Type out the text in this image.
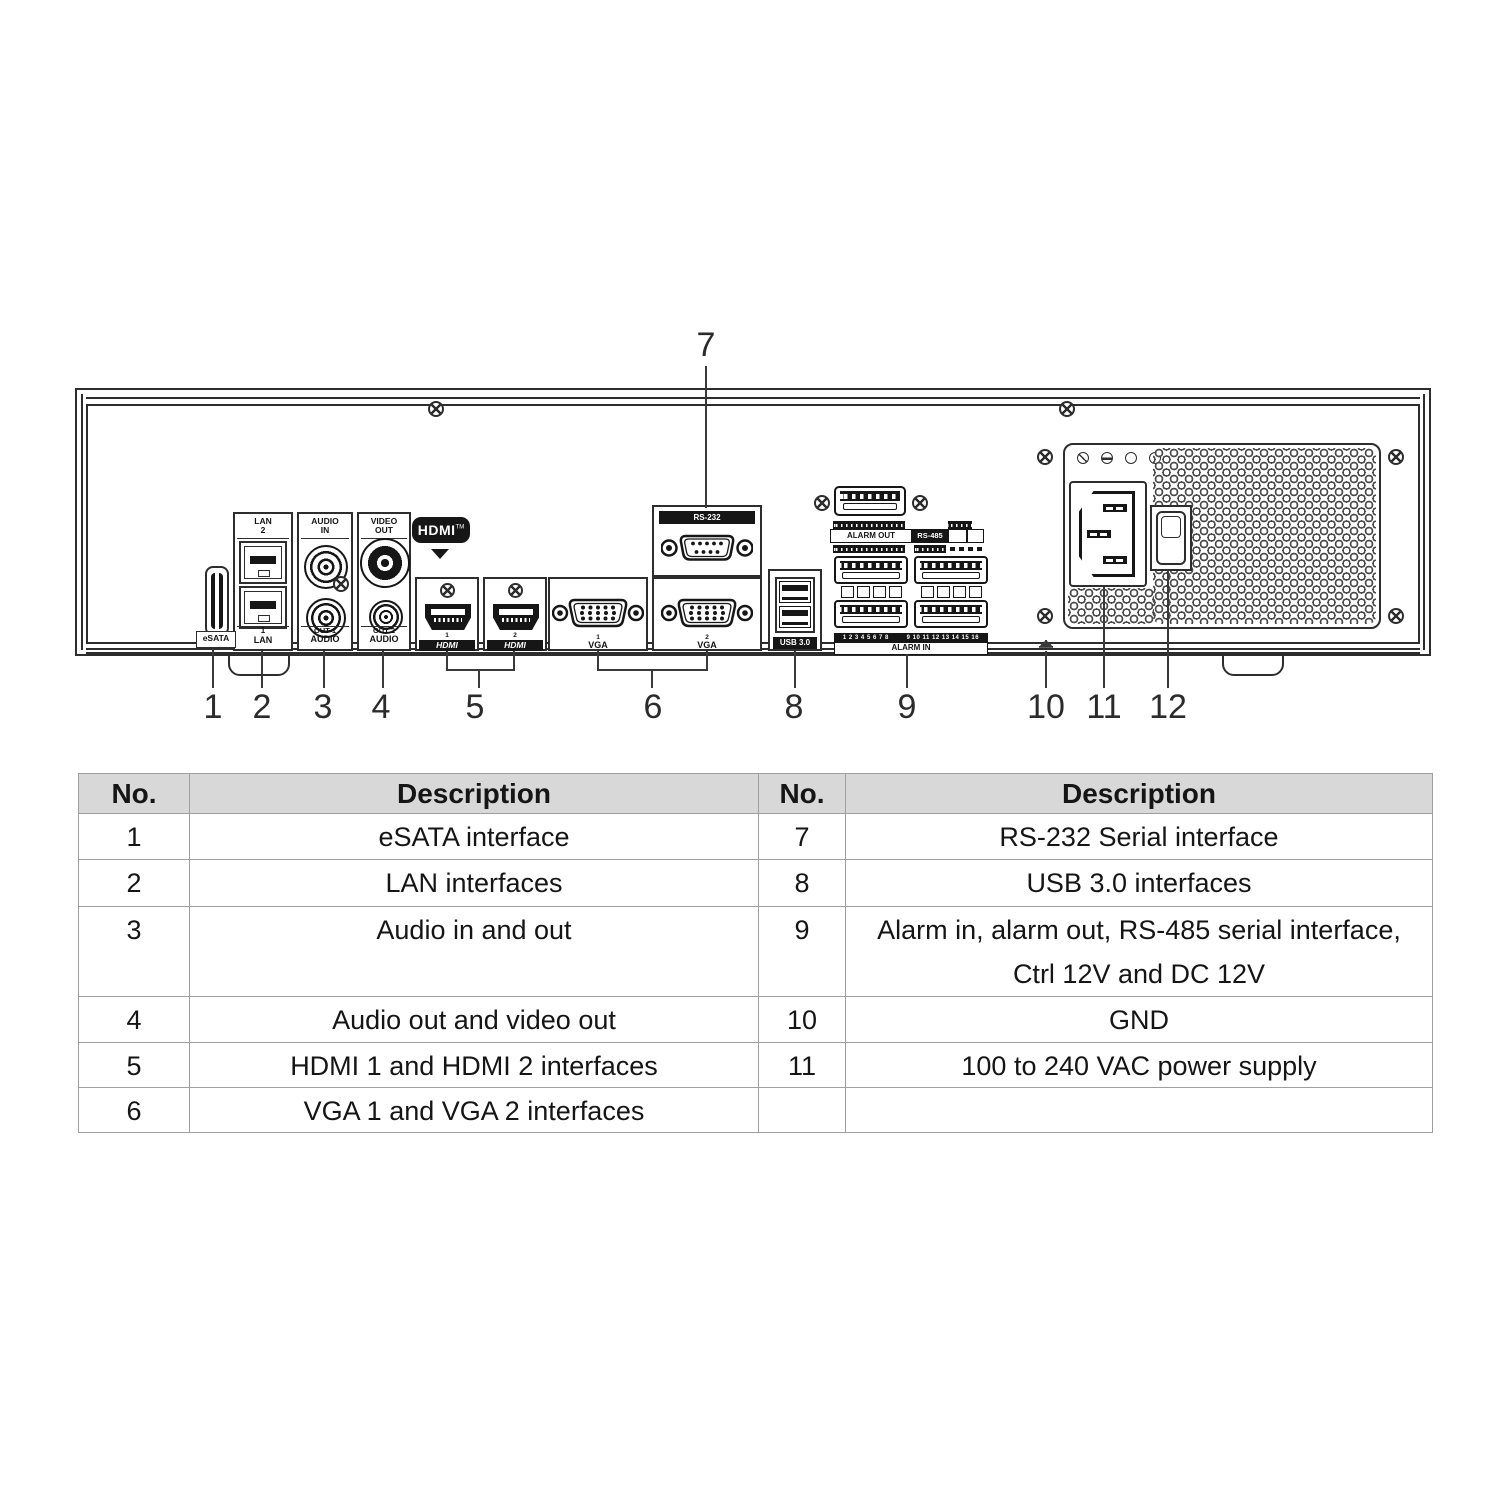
7
eSATA
LAN
2
1
LAN
AUDIO
IN
OUT 1
AUDIO
VIDEO
OUT
OUT 2
AUDIO
HDMI™
1
HDMI
2
HDMI
1
VGA
RS-232
2
VGA	USB 3.0
ALARM OUT	RS-485
1 2 3 4 5 6 7 8	9 10 11 12 13 14 15 16
ALARM IN
1 2 3 4 5	6	8	9	10 11 12
No.	Description	No.	Description
1	eSATA interface	7	RS-232 Serial interface
2	LAN interfaces	8	USB 3.0 interfaces
3	Audio in and out	9	Alarm in, alarm out, RS-485 serial interface,
Ctrl 12V and DC 12V

4	Audio out and video out	10	GND
5	HDMI 1 and HDMI 2 interfaces	11	100 to 240 VAC power supply
6	VGA 1 and VGA 2 interfaces		
